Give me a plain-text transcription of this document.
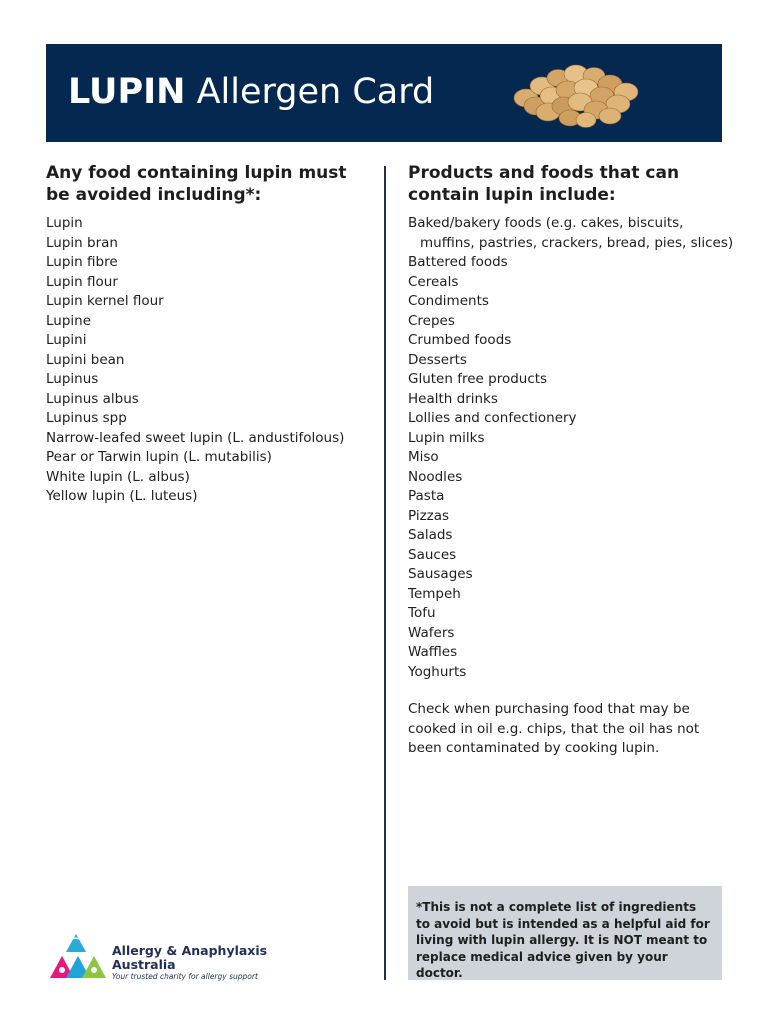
LUPIN Allergen Card
Any food containing lupin must be avoided including*:
Lupin
Lupin bran
Lupin fibre
Lupin flour
Lupin kernel flour
Lupine
Lupini
Lupini bean
Lupinus
Lupinus albus
Lupinus spp
Narrow-leafed sweet lupin (L. andustifolous)
Pear or Tarwin lupin (L. mutabilis)
White lupin (L. albus)
Yellow lupin (L. luteus)
Products and foods that can contain lupin include:
Baked/bakery foods (e.g. cakes, biscuits,
muffins, pastries, crackers, bread, pies, slices)
Battered foods
Cereals
Condiments
Crepes
Crumbed foods
Desserts
Gluten free products
Health drinks
Lollies and confectionery
Lupin milks
Miso
Noodles
Pasta
Pizzas
Salads
Sauces
Sausages
Tempeh
Tofu
Wafers
Waffles
Yoghurts

Check when purchasing food that may be cooked in oil e.g. chips, that the oil has not been contaminated by cooking lupin.

*This is not a complete list of ingredients to avoid but is intended as a helpful aid for living with lupin allergy. It is NOT meant to replace medical advice given by your doctor.

Allergy & Anaphylaxis
Australia
Your trusted charity for allergy support
